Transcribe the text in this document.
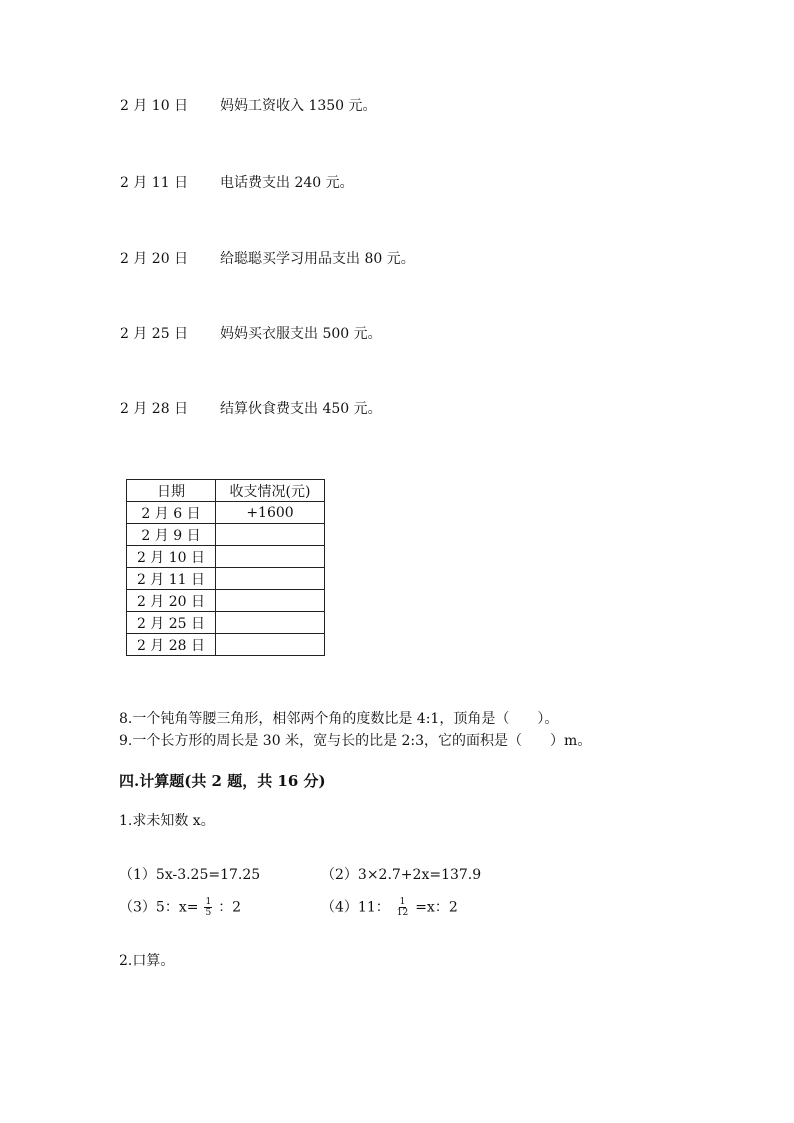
2 月 10 日 妈妈工资收入 1350 元。
2 月 11 日 电话费支出 240 元。
2 月 20 日 给聪聪买学习用品支出 80 元。
2 月 25 日 妈妈买衣服支出 500 元。
2 月 28 日 结算伙食费支出 450 元。
日期	收支情况(元)
2 月 6 日	+1600
2 月 9 日	
2 月 10 日	
2 月 11 日	
2 月 20 日	
2 月 25 日	
2 月 28 日	
8.一个钝角等腰三角形，相邻两个角的度数比是 4:1，顶角是（　　）。
9.一个长方形的周长是 30 米，宽与长的比是 2:3，它的面积是（　　）m。
四.计算题(共 2 题，共 16 分)
1.求未知数 x。
（1）5x-3.25=17.25	（2）3×2.7+2x=137.9
（3）5：$x= \frac{1}{5}$ ：2	（4）11： $\frac{1}{12} =x$：2
2.口算。
